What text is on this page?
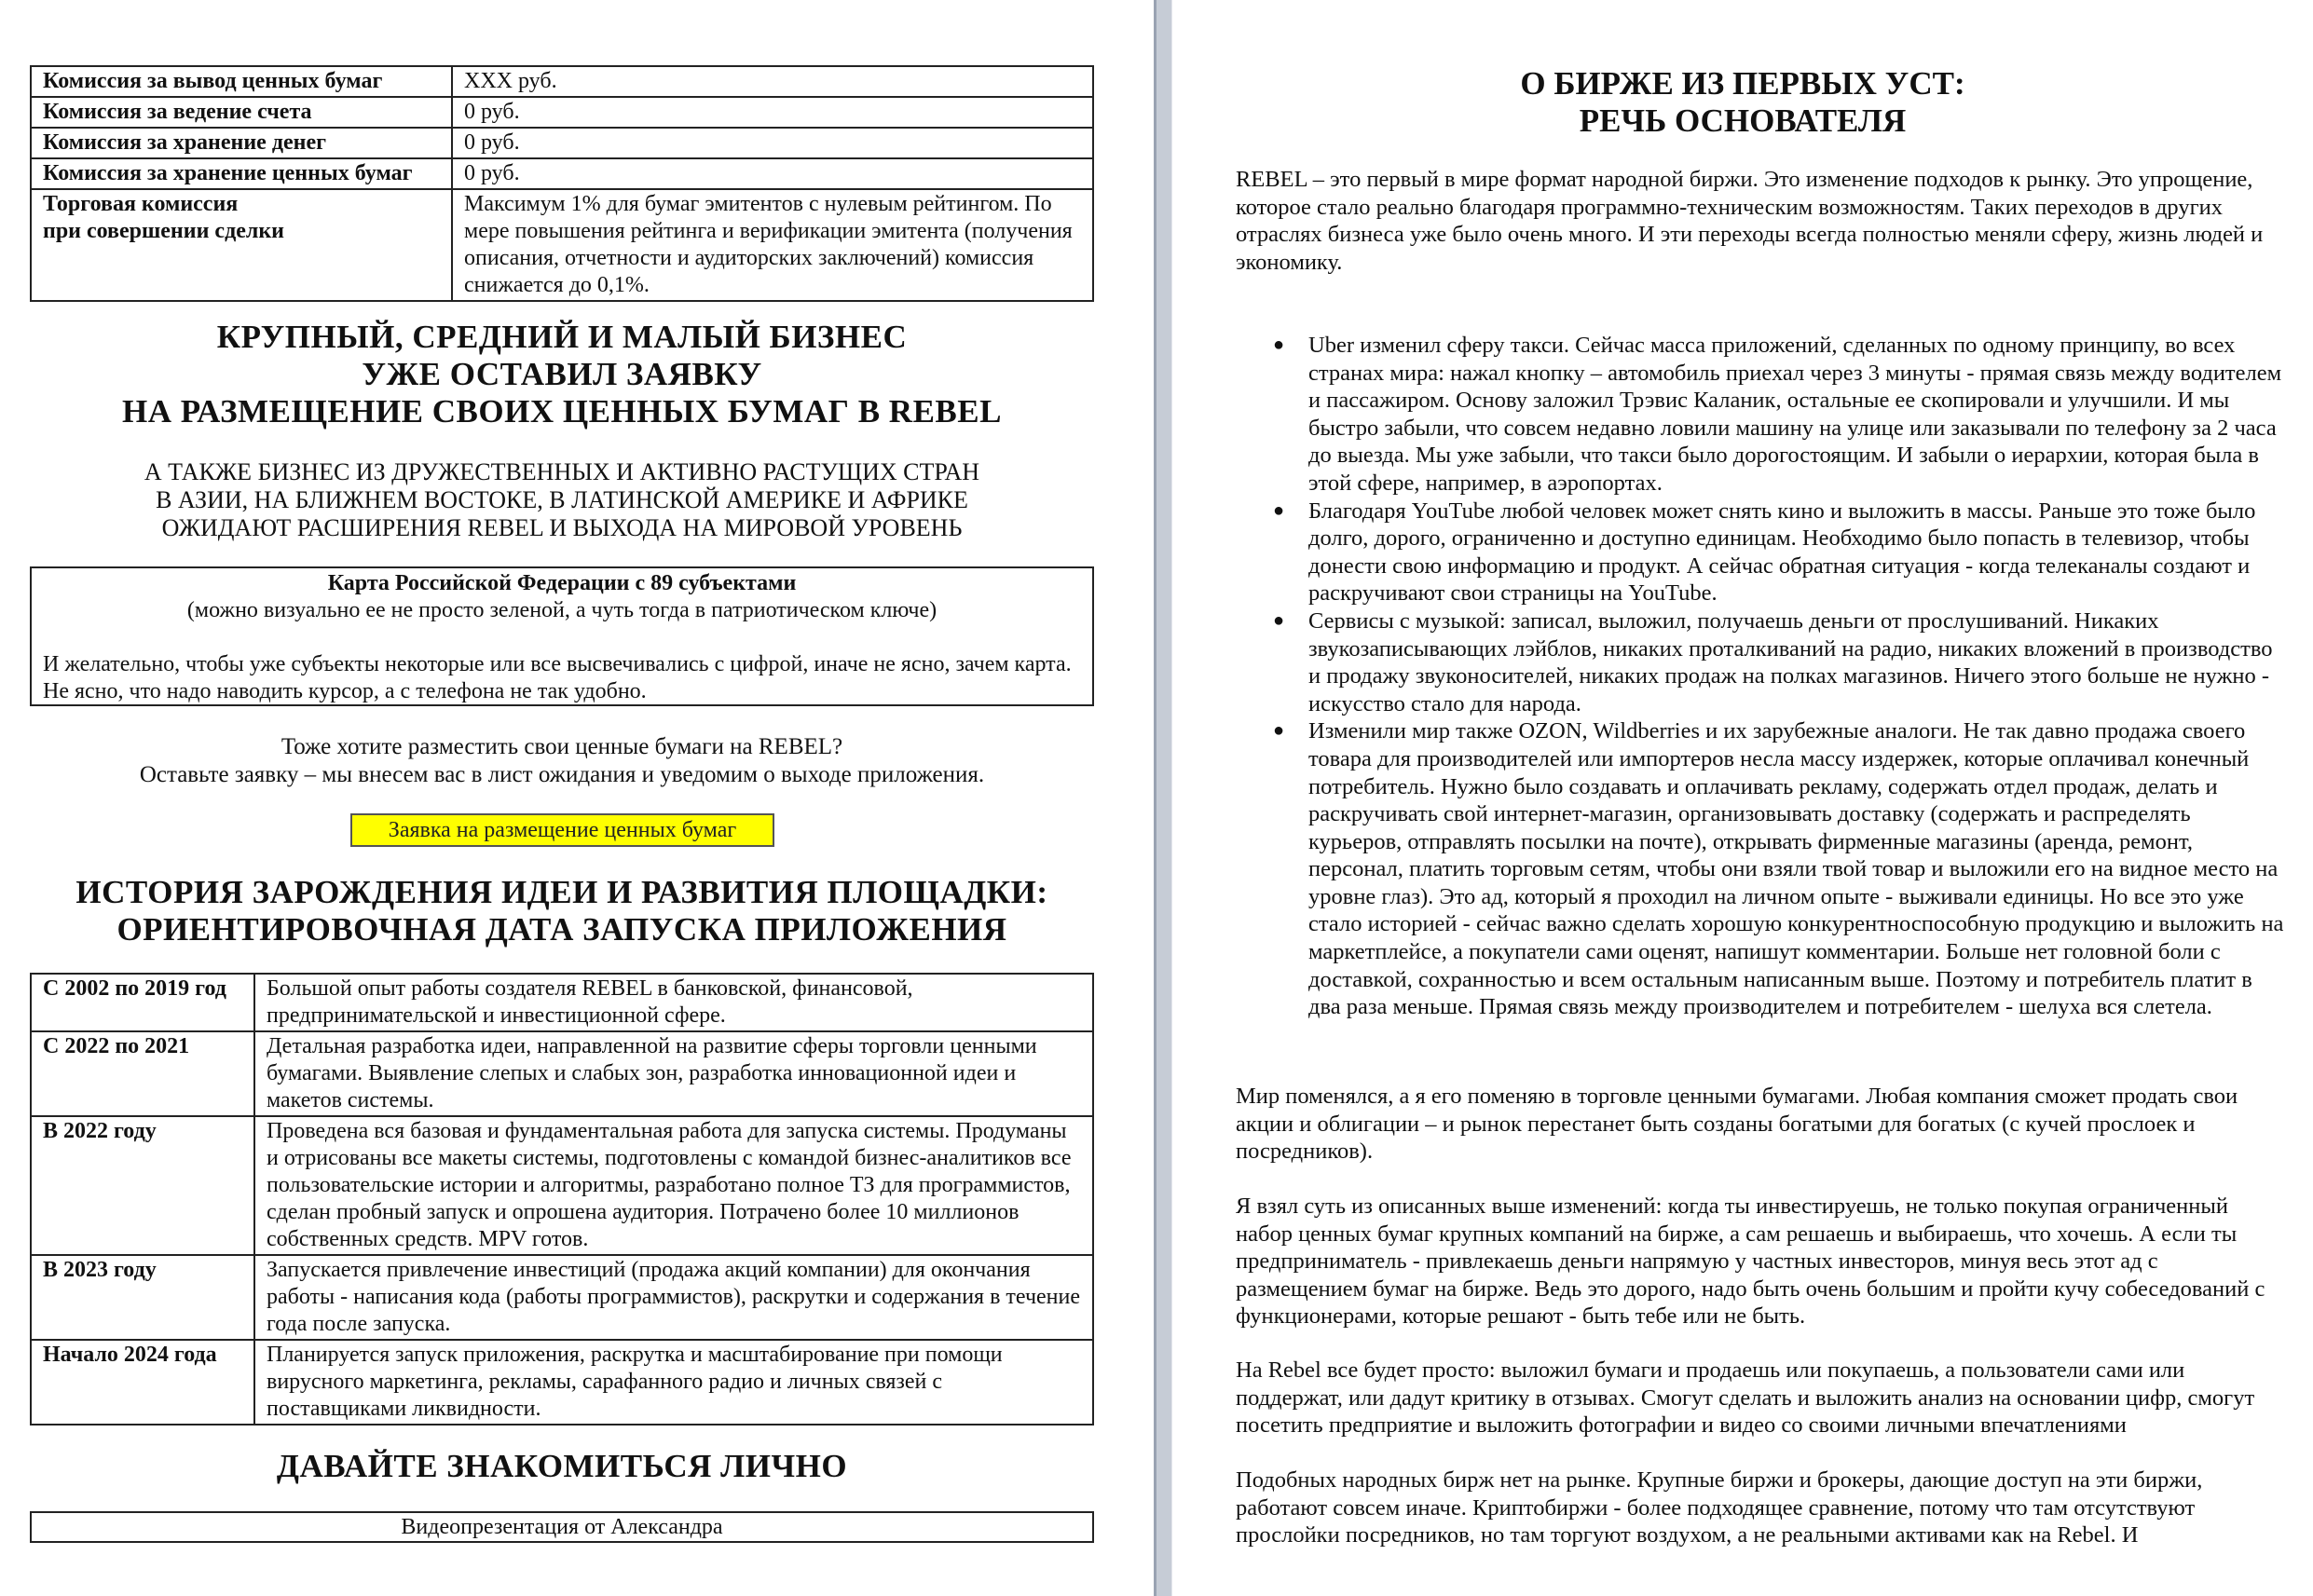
Комиссия за вывод ценных бумаг	XXX руб.
Комиссия за ведение счета	0 руб.
Комиссия за хранение денег	0 руб.
Комиссия за хранение ценных бумаг	0 руб.

Торговая комиссия
при совершении сделки	Максимум 1% для бумаг эмитентов с нулевым рейтингом. По мере повышения рейтинга и верификации эмитента (получения описания, отчетности и аудиторских заключений) комиссия снижается до 0,1%.
КРУПНЫЙ, СРЕДНИЙ И МАЛЫЙ БИЗНЕС
УЖЕ ОСТАВИЛ ЗАЯВКУ
НА РАЗМЕЩЕНИЕ СВОИХ ЦЕННЫХ БУМАГ В REBEL
А ТАКЖЕ БИЗНЕС ИЗ ДРУЖЕСТВЕННЫХ И АКТИВНО РАСТУЩИХ СТРАН
В АЗИИ, НА БЛИЖНЕМ ВОСТОКЕ, В ЛАТИНСКОЙ АМЕРИКЕ И АФРИКЕ
ОЖИДАЮТ РАСШИРЕНИЯ REBEL И ВЫХОДА НА МИРОВОЙ УРОВЕНЬ
Карта Российской Федерации с 89 субъектами
(можно визуально ее не просто зеленой, а чуть тогда в патриотическом ключе)
И желательно, чтобы уже субъекты некоторые или все высвечивались с цифрой, иначе не ясно, зачем карта. Не ясно, что надо наводить курсор, а с телефона не так удобно.
Тоже хотите разместить свои ценные бумаги на REBEL?
Оставьте заявку – мы внесем вас в лист ожидания и уведомим о выходе приложения.
Заявка на размещение ценных бумаг
ИСТОРИЯ ЗАРОЖДЕНИЯ ИДЕИ И РАЗВИТИЯ ПЛОЩАДКИ:
ОРИЕНТИРОВОЧНАЯ ДАТА ЗАПУСКА ПРИЛОЖЕНИЯ
С 2002 по 2019 год	Большой опыт работы создателя REBEL в банковской, финансовой, предпринимательской и инвестиционной сфере.
С 2022 по 2021	Детальная разработка идеи, направленной на развитие сферы торговли ценными бумагами. Выявление слепых и слабых зон, разработка инновационной идеи и макетов системы.
В 2022 году	Проведена вся базовая и фундаментальная работа для запуска системы. Продуманы и отрисованы все макеты системы, подготовлены с командой бизнес-аналитиков все пользовательские истории и алгоритмы, разработано полное ТЗ для программистов, сделан пробный запуск и опрошена аудитория. Потрачено более 10 миллионов собственных средств. MPV готов.
В 2023 году	Запускается привлечение инвестиций (продажа акций компании) для окончания работы - написания кода (работы программистов), раскрутки и содержания в течение года после запуска.
Начало 2024 года	Планируется запуск приложения, раскрутка и масштабирование при помощи вирусного маркетинга, рекламы, сарафанного радио и личных связей с поставщиками ликвидности.
ДАВАЙТЕ ЗНАКОМИТЬСЯ ЛИЧНО
Видеопрезентация от Александра
О БИРЖЕ ИЗ ПЕРВЫХ УСТ:
РЕЧЬ ОСНОВАТЕЛЯ
REBEL – это первый в мире формат народной биржи. Это изменение подходов к рынку. Это упрощение, которое стало реально благодаря программно-техническим возможностям. Таких переходов в других отраслях бизнеса уже было очень много. И эти переходы всегда полностью меняли сферу, жизнь людей и экономику.
● Uber изменил сферу такси. Сейчас масса приложений, сделанных по одному принципу, во всех странах мира: нажал кнопку – автомобиль приехал через 3 минуты - прямая связь между водителем и пассажиром. Основу заложил Трэвис Каланик, остальные ее скопировали и улучшили. И мы быстро забыли, что совсем недавно ловили машину на улице или заказывали по телефону за 2 часа до выезда. Мы уже забыли, что такси было дорогостоящим. И забыли о иерархии, которая была в этой сфере, например, в аэропортах.
● Благодаря YouTube любой человек может снять кино и выложить в массы. Раньше это тоже было долго, дорого, ограниченно и доступно единицам. Необходимо было попасть в телевизор, чтобы донести свою информацию и продукт. А сейчас обратная ситуация - когда телеканалы создают и раскручивают свои страницы на YouTube.
● Сервисы с музыкой: записал, выложил, получаешь деньги от прослушиваний. Никаких звукозаписывающих лэйблов, никаких проталкиваний на радио, никаких вложений в производство и продажу звуконосителей, никаких продаж на полках магазинов. Ничего этого больше не нужно - искусство стало для народа.
● Изменили мир также OZON, Wildberries и их зарубежные аналоги. Не так давно продажа своего товара для производителей или импортеров несла массу издержек, которые оплачивал конечный потребитель. Нужно было создавать и оплачивать рекламу, содержать отдел продаж, делать и раскручивать свой интернет-магазин, организовывать доставку (содержать и распределять курьеров, отправлять посылки на почте), открывать фирменные магазины (аренда, ремонт, персонал, платить торговым сетям, чтобы они взяли твой товар и выложили его на видное место на уровне глаз). Это ад, который я проходил на личном опыте - выживали единицы. Но все это уже стало историей - сейчас важно сделать хорошую конкурентноспособную продукцию и выложить на маркетплейсе, а покупатели сами оценят, напишут комментарии. Больше нет головной боли с доставкой, сохранностью и всем остальным написанным выше. Поэтому и потребитель платит в два раза меньше. Прямая связь между производителем и потребителем - шелуха вся слетела.
Мир поменялся, а я его поменяю в торговле ценными бумагами. Любая компания сможет продать свои акции и облигации – и рынок перестанет быть созданы богатыми для богатых (с кучей прослоек и посредников).
Я взял суть из описанных выше изменений: когда ты инвестируешь, не только покупая ограниченный набор ценных бумаг крупных компаний на бирже, а сам решаешь и выбираешь, что хочешь. А если ты предприниматель - привлекаешь деньги напрямую у частных инвесторов, минуя весь этот ад с размещением бумаг на бирже. Ведь это дорого, надо быть очень большим и пройти кучу собеседований с функционерами, которые решают - быть тебе или не быть.
На Rebel все будет просто: выложил бумаги и продаешь или покупаешь, а пользователи сами или поддержат, или дадут критику в отзывах. Смогут сделать и выложить анализ на основании цифр, смогут посетить предприятие и выложить фотографии и видео со своими личными впечатлениями
Подобных народных бирж нет на рынке. Крупные биржи и брокеры, дающие доступ на эти биржи, работают совсем иначе. Криптобиржи - более подходящее сравнение, потому что там отсутствуют прослойки посредников, но там торгуют воздухом, а не реальными активами как на Rebel. И
